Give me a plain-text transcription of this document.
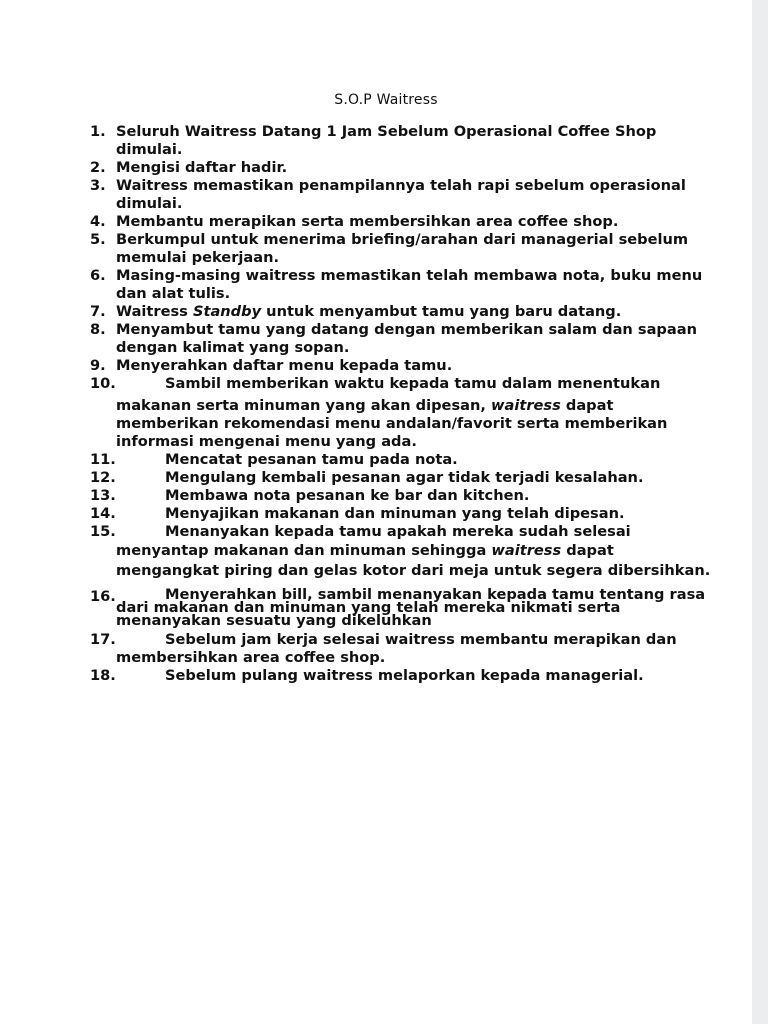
S.O.P Waitress
1. Seluruh Waitress Datang 1 Jam Sebelum Operasional Coffee Shop dimulai.
2. Mengisi daftar hadir.
3. Waitress memastikan penampilannya telah rapi sebelum operasional dimulai.
4. Membantu merapikan serta membersihkan area coffee shop.
5. Berkumpul untuk menerima briefing/arahan dari managerial sebelum memulai pekerjaan.
6. Masing-masing waitress memastikan telah membawa nota, buku menu dan alat tulis.
7. Waitress Standby untuk menyambut tamu yang baru datang.
8. Menyambut tamu yang datang dengan memberikan salam dan sapaan dengan kalimat yang sopan.
9. Menyerahkan daftar menu kepada tamu.
10.	Sambil memberikan waktu kepada tamu dalam menentukan
makanan serta minuman yang akan dipesan, waitress dapat memberikan rekomendasi menu andalan/favorit serta memberikan informasi mengenai menu yang ada.
11.	Mencatat pesanan tamu pada nota.
12.	Mengulang kembali pesanan agar tidak terjadi kesalahan.
13.	Membawa nota pesanan ke bar dan kitchen.
14.	Menyajikan makanan dan minuman yang telah dipesan.
15.	Menanyakan kepada tamu apakah mereka sudah selesai
menyantap makanan dan minuman sehingga waitress dapat mengangkat piring dan gelas kotor dari meja untuk segera dibersihkan.
16.	Menyerahkan bill, sambil menanyakan kepada tamu tentang rasa dari makanan dan minuman yang telah mereka nikmati serta menanyakan sesuatu yang dikeluhkan
17.	Sebelum jam kerja selesai waitress membantu merapikan dan membersihkan area coffee shop.
18.	Sebelum pulang waitress melaporkan kepada managerial.
